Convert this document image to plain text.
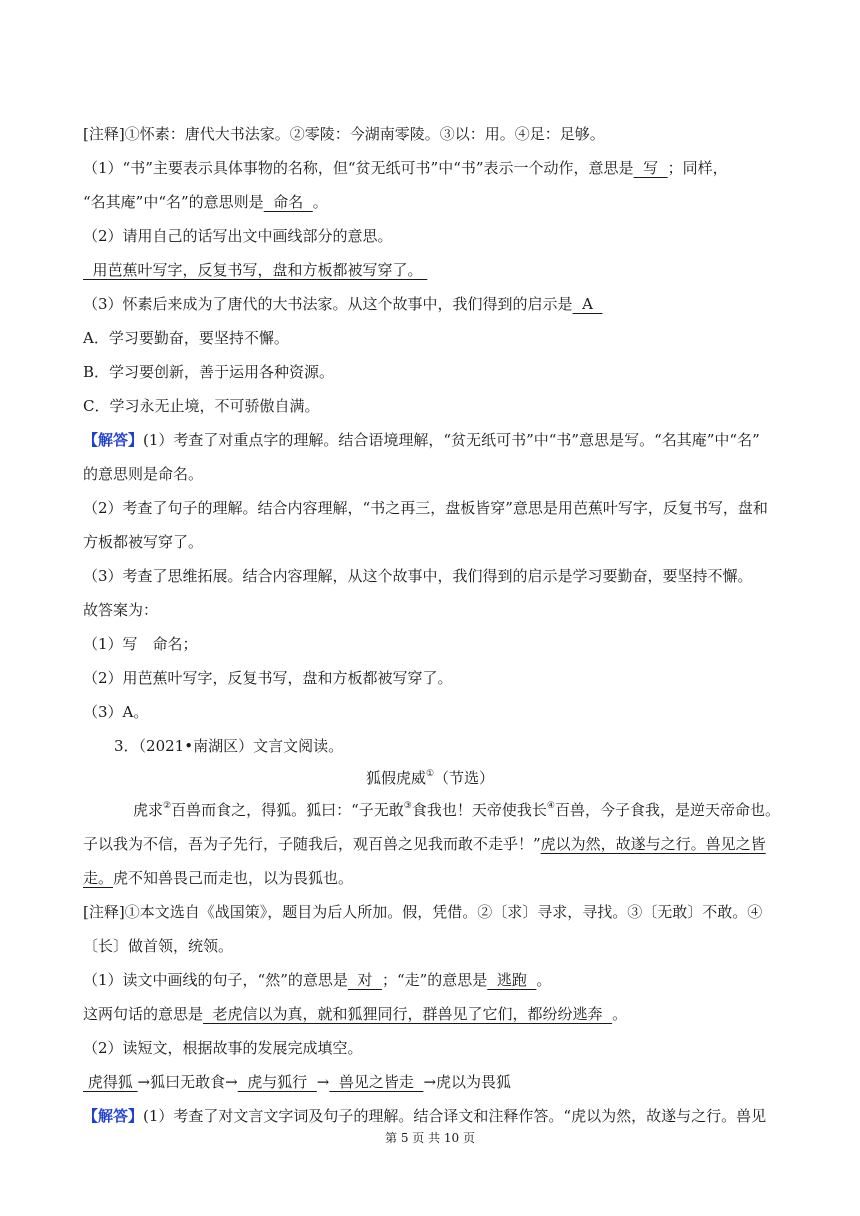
[注释]①怀素：唐代大书法家。②零陵：今湖南零陵。③以：用。④足：足够。
（1）“书”主要表示具体事物的名称，但“贫无纸可书”中“书”表示一个动作，意思是  写  ；同样，
“名其庵”中“名”的意思则是  命名  。
（2）请用自己的话写出文中画线部分的意思。
用芭蕉叶写字，反复书写，盘和方板都被写穿了。
（3）怀素后来成为了唐代的大书法家。从这个故事中，我们得到的启示是  A
A．学习要勤奋，要坚持不懈。
B．学习要创新，善于运用各种资源。
C．学习永无止境，不可骄傲自满。
【解答】(1）考查了对重点字的理解。结合语境理解，“贫无纸可书”中“书”意思是写。“名其庵”中“名”
的意思则是命名。
（2）考查了句子的理解。结合内容理解，“书之再三，盘板皆穿”意思是用芭蕉叶写字，反复书写，盘和
方板都被写穿了。
（3）考查了思维拓展。结合内容理解，从这个故事中，我们得到的启示是学习要勤奋，要坚持不懈。
故答案为：
（1）写　命名；
（2）用芭蕉叶写字，反复书写，盘和方板都被写穿了。
（3）A。
3．（2021•南湖区）文言文阅读。
狐假虎威①（节选）
虎求②百兽而食之，得狐。狐曰：“子无敢③食我也！天帝使我长④百兽，今子食我，是逆天帝命也。
子以我为不信，吾为子先行，子随我后，观百兽之见我而敢不走乎！”虎以为然，故遂与之行。兽见之皆
走。虎不知兽畏己而走也，以为畏狐也。
[注释]①本文选自《战国策》，题目为后人所加。假，凭借。②〔求〕寻求，寻找。③〔无敢〕不敢。④
〔长〕做首领，统领。
（1）读文中画线的句子，“然”的意思是  对  ；“走”的意思是  逃跑  。
这两句话的意思是  老虎信以为真，就和狐狸同行，群兽见了它们，都纷纷逃奔  。
（2）读短文，根据故事的发展完成填空。
虎得狐 →狐曰无敢食→  虎与狐行  →  兽见之皆走  →虎以为畏狐
【解答】(1）考查了对文言文字词及句子的理解。结合译文和注释作答。“虎以为然，故遂与之行。兽见
第 5 页 共 10 页
